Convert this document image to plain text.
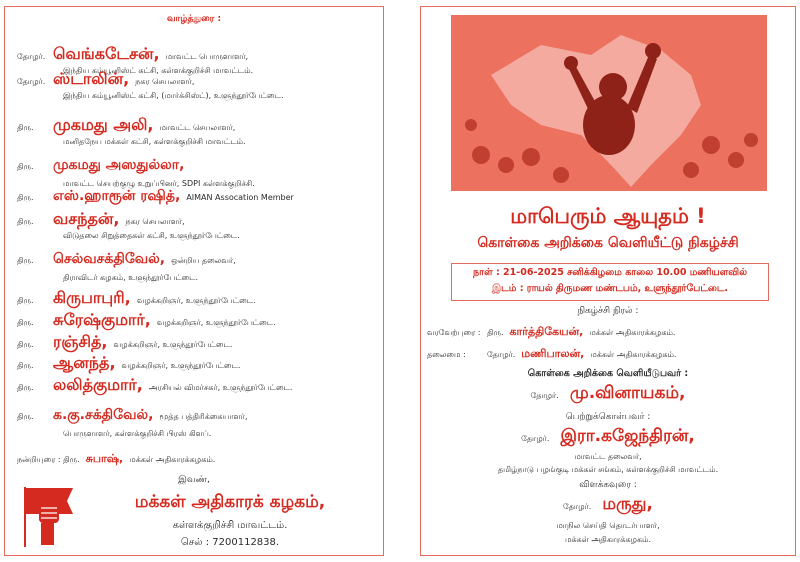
வாழ்த்துரை :
தோழர். வெங்கடேசன், மாவட்ட பொருளாளர்,
இந்திய கம்யூனிஸ்ட் கட்சி, கள்ளக்குறிச்சி மாவட்டம்.
தோழர். ஸ்டாலின், நகர செயலாளர்,
இந்திய கம்யூனிஸ்ட் கட்சி, (மார்க்சிஸ்ட்), உளுந்தூர்பேட்டை.
திரு.	முகமது அலி, மாவட்ட செயலாளர்,
மனிதநேய மக்கள் கட்சி, கள்ளக்குறிச்சி மாவட்டம்.
திரு.	முகமது அஸதுல்லா,
மாவட்ட செயற்குழு உறுப்பினர், SDPI கள்ளக்குறிச்சி.
திரு.	எஸ்.ஹாரூன் ரஷித், AIMAN Assocation Member
திரு.	வசந்தன், நகர செயலாளர்,
விடுதலை சிறுத்தைகள் கட்சி, உளுந்தூர்பேட்டை.
திரு.	செல்வசக்திவேல், ஒன்றிய தலைவர்,
திராவிடர் கழகம், உளுந்தூர்பேட்டை.
திரு.	கிருபாபுரி, வழக்கறிஞர், உளுந்தூர்பேட்டை.
திரு.	சுரேஷ்குமார், வழக்கறிஞர், உளுந்தூர்பேட்டை.
திரு.	ரஞ்சித், வழக்கறிஞர், உளுந்தூர்பேட்டை.
திரு.	ஆனந்த், வழக்கறிஞர், உளுந்தூர்பேட்டை.
திரு.	லலித்குமார், அரசியல் விமர்சகர், உளுந்தூர்பேட்டை.
திரு.	க.கு.சக்திவேல், மூத்த பத்திரிக்கையாளர்,
பொருளாளர், கள்ளக்குறிச்சி பிரஸ் கிளப்.
நன்றியுரை : திரு. சுபாஷ், மக்கள் அதிகாரக்கழகம்.
இவண்,
மக்கள் அதிகாரக் கழகம்,
கள்ளக்குறிச்சி மாவட்டம்.
செல் : 7200112838.
மாபெரும் ஆயுதம் !
கொள்கை அறிக்கை வெளியீட்டு நிகழ்ச்சி
நாள் : 21-06-2025 சனிக்கிழமை காலை 10.00 மணியளவில்
இடம் : ராயல் திருமண மண்டபம், உளுந்தூர்பேட்டை.
நிகழ்ச்சி நிரல் :
வரவேற்புரை : திரு. கார்த்திகேயன், மக்கள் அதிகாரக்கழகம்.
தலைமை :	தோழர். மணிபாலன், மக்கள் அதிகாரக்கழகம்.
கொள்கை அறிக்கை வெளியீடுபவர் :
தோழர். மு.வினாயகம்,
பெற்றுக்கொள்பவர் :
தோழர். இரா.கஜேந்திரன்,
மாவட்ட தலைவர்,
தமிழ்நாடு பழங்குடி மக்கள் சங்கம், கள்ளக்குறிச்சி மாவட்டம்.
விளக்கவுரை :
தோழர். மருது,
மாநில செய்தி தொடர்பாளர்,
மக்கள் அதிகாரக்கழகம்.
